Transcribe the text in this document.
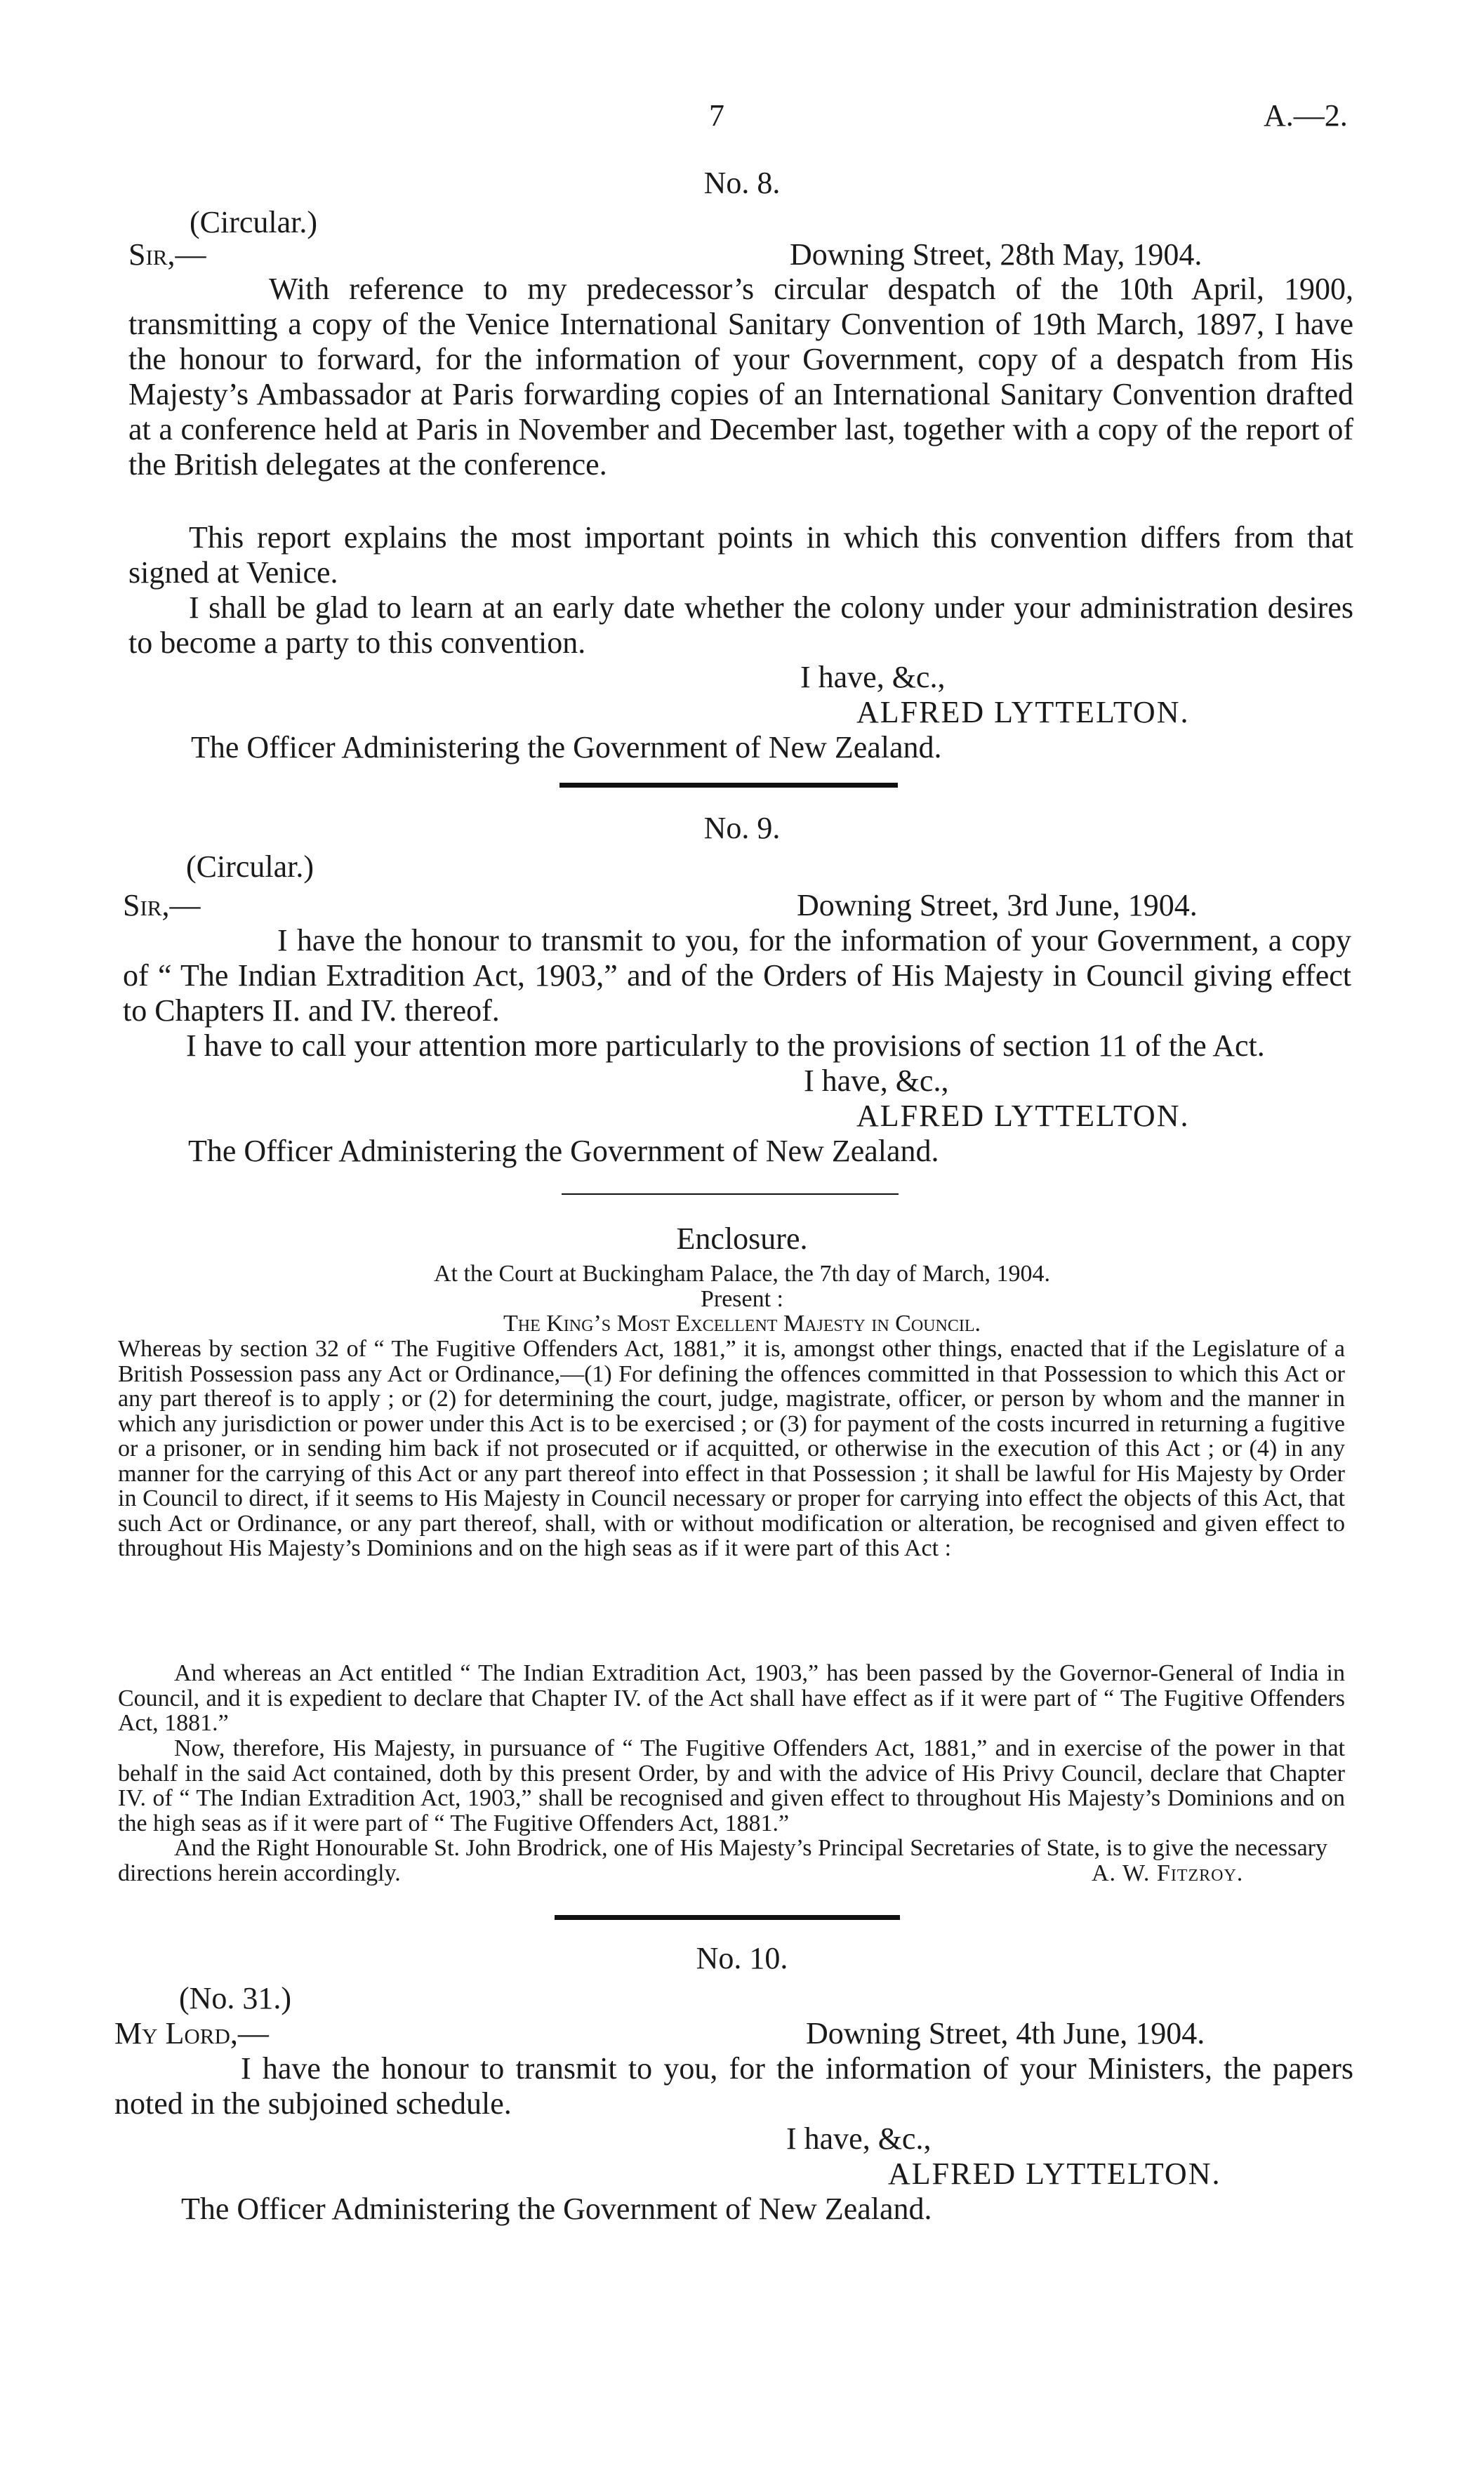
7	A.—2.
No. 8.
(Circular.)
Sir,—	Downing Street, 28th May, 1904.
With reference to my predecessor’s circular despatch of the 10th April, 1900, transmitting a copy of the Venice International Sanitary Convention of 19th March, 1897, I have the honour to forward, for the information of your Government, copy of a despatch from His Majesty’s Ambassador at Paris forwarding copies of an International Sanitary Convention drafted at a conference held at Paris in November and December last, together with a copy of the report of the British delegates at the conference.
This report explains the most important points in which this convention differs from that signed at Venice.
I shall be glad to learn at an early date whether the colony under your administration desires to become a party to this convention.
I have, &c.,
ALFRED LYTTELTON.
The Officer Administering the Government of New Zealand.
No. 9.
(Circular.)
Sir,—	Downing Street, 3rd June, 1904.
I have the honour to transmit to you, for the information of your Government, a copy of “ The Indian Extradition Act, 1903,” and of the Orders of His Majesty in Council giving effect to Chapters II. and IV. thereof.
I have to call your attention more particularly to the provisions of section 11 of the Act.
I have, &c.,
ALFRED LYTTELTON.
The Officer Administering the Government of New Zealand.
Enclosure.
At the Court at Buckingham Palace, the 7th day of March, 1904.
Present :
The King’s Most Excellent Majesty in Council.
Whereas by section 32 of “ The Fugitive Offenders Act, 1881,” it is, amongst other things, enacted that if the Legislature of a British Possession pass any Act or Ordinance,—(1) For defining the offences committed in that Possession to which this Act or any part thereof is to apply ; or (2) for determining the court, judge, magistrate, officer, or person by whom and the manner in which any jurisdiction or power under this Act is to be exercised ; or (3) for payment of the costs incurred in returning a fugitive or a prisoner, or in sending him back if not prosecuted or if acquitted, or otherwise in the execution of this Act ; or (4) in any manner for the carrying of this Act or any part thereof into effect in that Possession ; it shall be lawful for His Majesty by Order in Council to direct, if it seems to His Majesty in Council necessary or proper for carrying into effect the objects of this Act, that such Act or Ordinance, or any part thereof, shall, with or without modification or alteration, be recognised and given effect to throughout His Majesty’s Dominions and on the high seas as if it were part of this Act :
And whereas an Act entitled “ The Indian Extradition Act, 1903,” has been passed by the Governor-General of India in Council, and it is expedient to declare that Chapter IV. of the Act shall have effect as if it were part of “ The Fugitive Offenders Act, 1881.”
Now, therefore, His Majesty, in pursuance of “ The Fugitive Offenders Act, 1881,” and in exercise of the power in that behalf in the said Act contained, doth by this present Order, by and with the advice of His Privy Council, declare that Chapter IV. of “ The Indian Extradition Act, 1903,” shall be recognised and given effect to throughout His Majesty’s Dominions and on the high seas as if it were part of “ The Fugitive Offenders Act, 1881.”
And the Right Honourable St. John Brodrick, one of His Majesty’s Principal Secretaries of State, is to give the necessary directions herein accordingly.	A. W. Fitzroy.
No. 10.
(No. 31.)
My Lord,—	Downing Street, 4th June, 1904.
I have the honour to transmit to you, for the information of your Ministers, the papers noted in the subjoined schedule.
I have, &c.,
ALFRED LYTTELTON.
The Officer Administering the Government of New Zealand.
